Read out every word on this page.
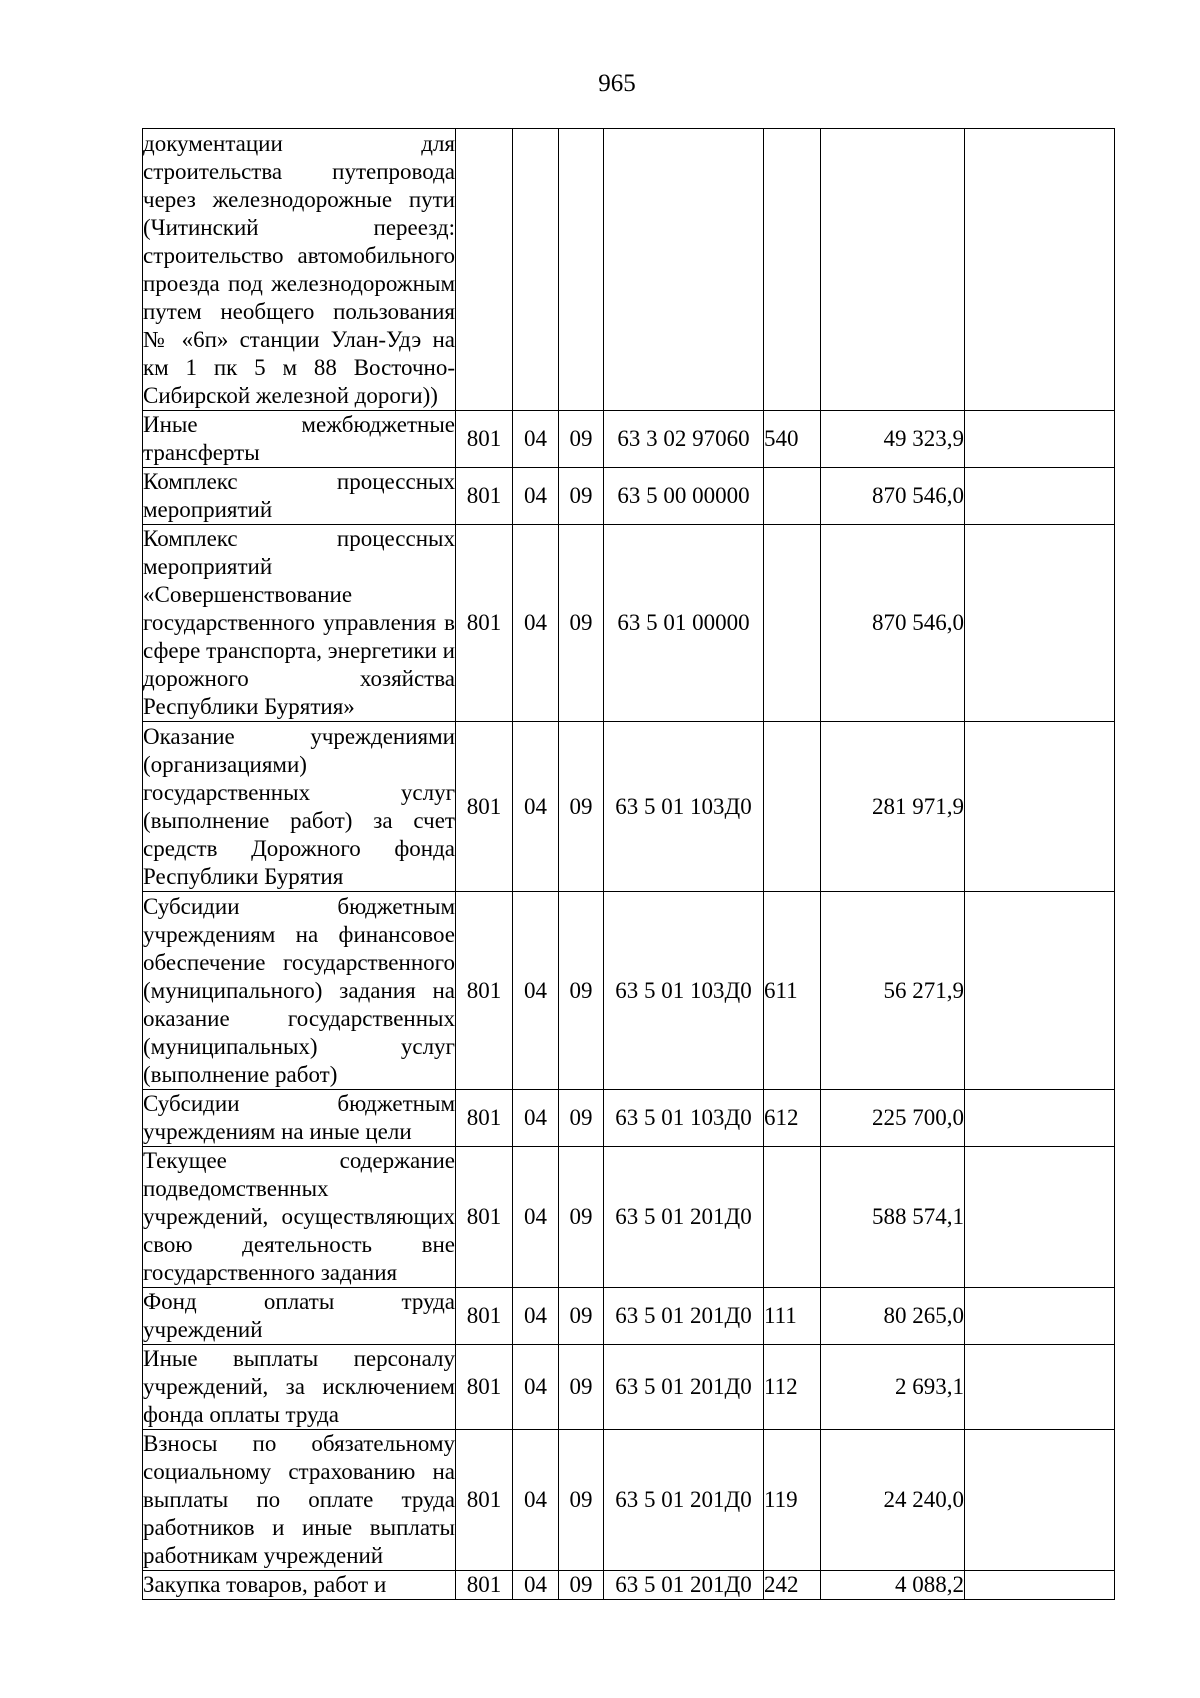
965
документации для строительства путепровода через железнодорожные пути (Читинский переезд: строительство автомобильного проезда под железнодорожным путем необщего пользования № «6п» станции Улан-Удэ на км 1 пк 5 м 88 Восточно-Сибирской железной дороги))							
Иные межбюджетные трансферты	801	04	09	63 3 02 97060	540	49 323,9	
Комплекс процессных мероприятий	801	04	09	63 5 00 00000		870 546,0	
Комплекс процессных мероприятий «Совершенствование государственного управления в сфере транспорта, энергетики и дорожного хозяйства Республики Бурятия»	801	04	09	63 5 01 00000		870 546,0	
Оказание учреждениями (организациями) государственных услуг (выполнение работ) за счет средств Дорожного фонда Республики Бурятия	801	04	09	63 5 01 103Д0		281 971,9	
Субсидии бюджетным учреждениям на финансовое обеспечение государственного (муниципального) задания на оказание государственных (муниципальных) услуг (выполнение работ)	801	04	09	63 5 01 103Д0	611	56 271,9	
Субсидии бюджетным учреждениям на иные цели	801	04	09	63 5 01 103Д0	612	225 700,0	
Текущее содержание подведомственных учреждений, осуществляющих свою деятельность вне государственного задания	801	04	09	63 5 01 201Д0		588 574,1	
Фонд оплаты труда учреждений	801	04	09	63 5 01 201Д0	111	80 265,0	
Иные выплаты персоналу учреждений, за исключением фонда оплаты труда	801	04	09	63 5 01 201Д0	112	2 693,1	
Взносы по обязательному социальному страхованию на выплаты по оплате труда работников и иные выплаты работникам учреждений	801	04	09	63 5 01 201Д0	119	24 240,0	
Закупка товаров, работ и	801	04	09	63 5 01 201Д0	242	4 088,2	
